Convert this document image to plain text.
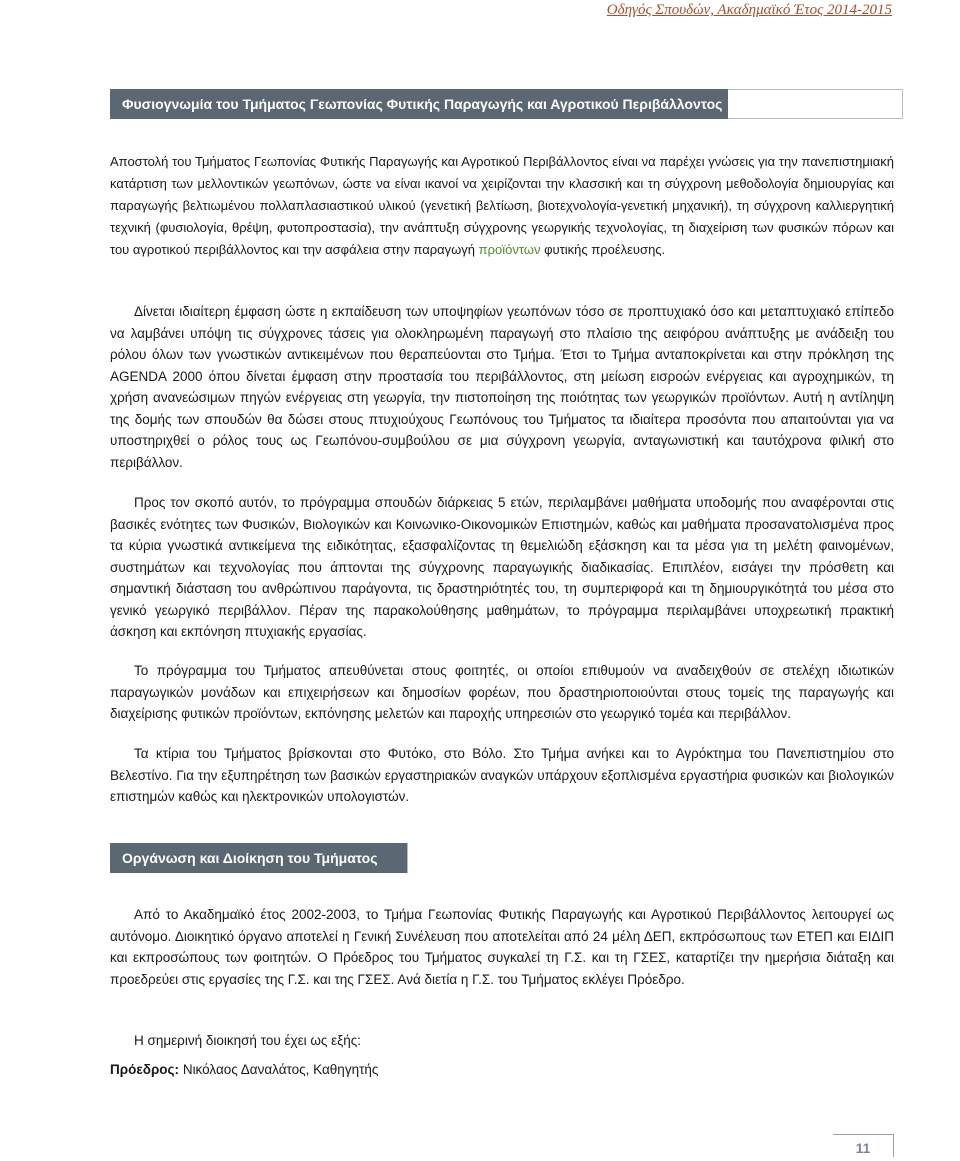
Οδηγός Σπουδών, Ακαδημαϊκό Έτος 2014-2015
Φυσιογνωμία του Τμήματος Γεωπονίας Φυτικής Παραγωγής και Αγροτικού Περιβάλλοντος

Αποστολή του Τμήματος Γεωπονίας Φυτικής Παραγωγής και Αγροτικού Περιβάλλοντος είναι να παρέχει γνώσεις για την πανεπιστημιακή κατάρτιση των μελλοντικών γεωπόνων, ώστε να είναι ικανοί να χειρίζονται την κλασσική και τη σύγχρονη μεθοδολογία δημιουργίας και παραγωγής βελτιωμένου πολλαπλασιαστικού υλικού (γενετική βελτίωση, βιοτεχνολογία-γενετική μηχανική), τη σύγχρονη καλλιεργητική τεχνική (φυσιολογία, θρέψη, φυτοπροστασία), την ανάπτυξη σύγχρονης γεωργικής τεχνολογίας, τη διαχείριση των φυσικών πόρων και του αγροτικού περιβάλλοντος και την ασφάλεια στην παραγωγή προϊόντων φυτικής προέλευσης.

Δίνεται ιδιαίτερη έμφαση ώστε η εκπαίδευση των υποψηφίων γεωπόνων τόσο σε προπτυχιακό όσο και μεταπτυχιακό επίπεδο να λαμβάνει υπόψη τις σύγχρονες τάσεις για ολοκληρωμένη παραγωγή στο πλαίσιο της αειφόρου ανάπτυξης με ανάδειξη του ρόλου όλων των γνωστικών αντικειμένων που θεραπεύονται στο Τμήμα. Έτσι το Τμήμα ανταποκρίνεται και στην πρόκληση της AGENDA 2000 όπου δίνεται έμφαση στην προστασία του περιβάλλοντος, στη μείωση εισροών ενέργειας και αγροχημικών, τη χρήση ανανεώσιμων πηγών ενέργειας στη γεωργία, την πιστοποίηση της ποιότητας των γεωργικών προϊόντων. Αυτή η αντίληψη της δομής των σπουδών θα δώσει στους πτυχιούχους Γεωπόνους του Τμήματος τα ιδιαίτερα προσόντα που απαιτούνται για να υποστηριχθεί ο ρόλος τους ως Γεωπόνου-συμβούλου σε μια σύγχρονη γεωργία, ανταγωνιστική και ταυτόχρονα φιλική στο περιβάλλον.

Προς τον σκοπό αυτόν, το πρόγραμμα σπουδών διάρκειας 5 ετών, περιλαμβάνει μαθήματα υποδομής που αναφέρονται στις βασικές ενότητες των Φυσικών, Βιολογικών και Κοινωνικο-Οικονομικών Επιστημών, καθώς και μαθήματα προσανατολισμένα προς τα κύρια γνωστικά αντικείμενα της ειδικότητας, εξασφαλίζοντας τη θεμελιώδη εξάσκηση και τα μέσα για τη μελέτη φαινομένων, συστημάτων και τεχνολογίας που άπτονται της σύγχρονης παραγωγικής διαδικασίας. Επιπλέον, εισάγει την πρόσθετη και σημαντική διάσταση του ανθρώπινου παράγοντα, τις δραστηριότητές του, τη συμπεριφορά και τη δημιουργικότητά του μέσα στο γενικό γεωργικό περιβάλλον. Πέραν της παρακολούθησης μαθημάτων, το πρόγραμμα περιλαμβάνει υποχρεωτική πρακτική άσκηση και εκπόνηση πτυχιακής εργασίας.

Το πρόγραμμα του Τμήματος απευθύνεται στους φοιτητές, οι οποίοι επιθυμούν να αναδειχθούν σε στελέχη ιδιωτικών παραγωγικών μονάδων και επιχειρήσεων και δημοσίων φορέων, που δραστηριοποιούνται στους τομείς της παραγωγής και διαχείρισης φυτικών προϊόντων, εκπόνησης μελετών και παροχής υπηρεσιών στο γεωργικό τομέα και περιβάλλον.

Τα κτίρια του Τμήματος βρίσκονται στο Φυτόκο, στο Βόλο. Στο Τμήμα ανήκει και το Αγρόκτημα του Πανεπιστημίου στο Βελεστίνο. Για την εξυπηρέτηση των βασικών εργαστηριακών αναγκών υπάρχουν εξοπλισμένα εργαστήρια φυσικών και βιολογικών επιστημών καθώς και ηλεκτρονικών υπολογιστών.

Οργάνωση και Διοίκηση του Τμήματος

Από το Ακαδημαϊκό έτος 2002-2003, το Τμήμα Γεωπονίας Φυτικής Παραγωγής και Αγροτικού Περιβάλλοντος λειτουργεί ως αυτόνομο. Διοικητικό όργανο αποτελεί η Γενική Συνέλευση που αποτελείται από 24 μέλη ΔΕΠ, εκπρόσωπους των ΕΤΕΠ και ΕΙΔΙΠ και εκπροσώπους των φοιτητών. Ο Πρόεδρος του Τμήματος συγκαλεί τη Γ.Σ. και τη ΓΣΕΣ, καταρτίζει την ημερήσια διάταξη και προεδρεύει στις εργασίες της Γ.Σ. και της ΓΣΕΣ. Ανά διετία η Γ.Σ. του Τμήματος εκλέγει Πρόεδρο.

Η σημερινή διοικησή του έχει ως εξής:

Πρόεδρος: Νικόλαος Δαναλάτος, Καθηγητής

11
